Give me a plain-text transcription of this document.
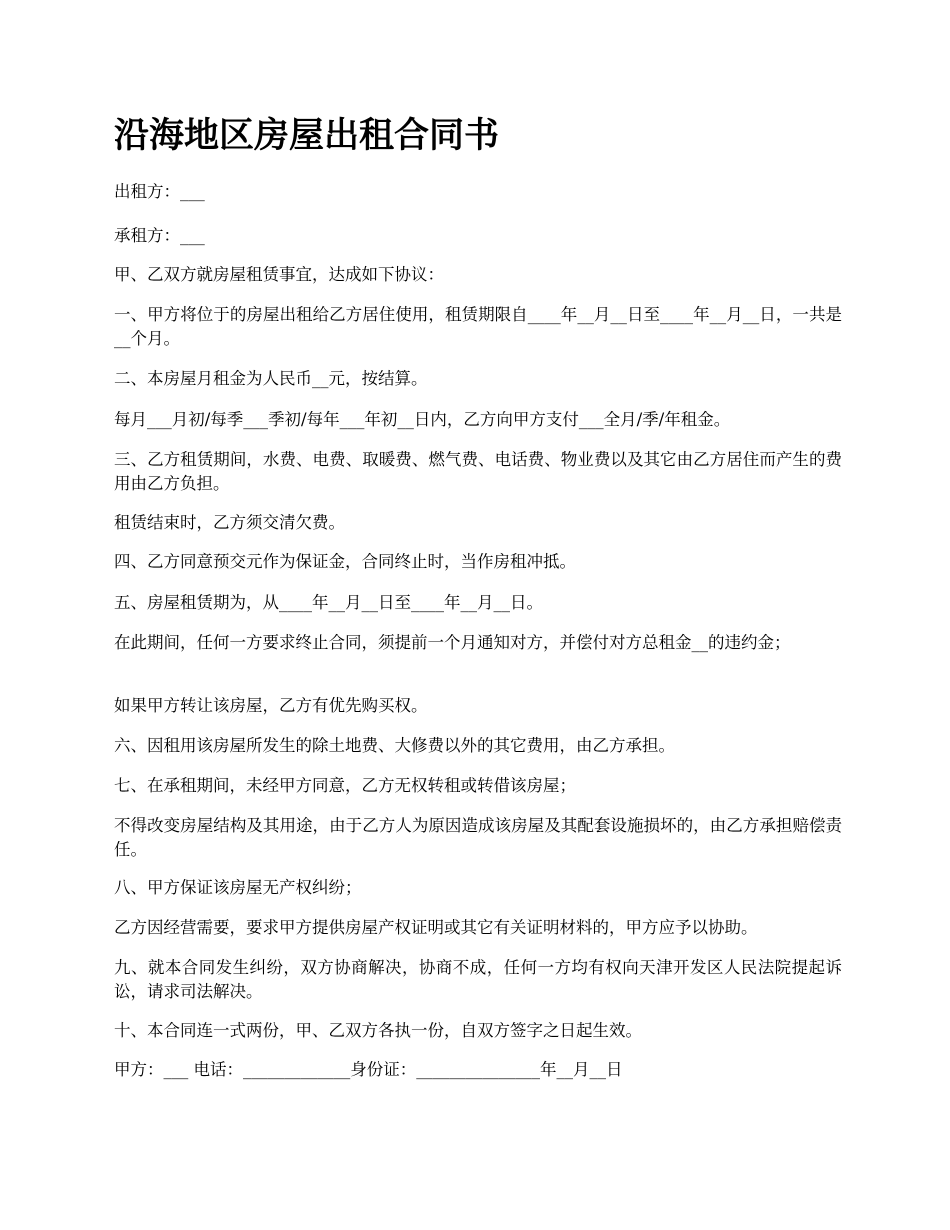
沿海地区房屋出租合同书

出租方：___

承租方：___

甲、乙双方就房屋租赁事宜，达成如下协议：

一、甲方将位于的房屋出租给乙方居住使用，租赁期限自____年__月__日至____年__月__日，一共是__个月。

二、本房屋月租金为人民币__元，按结算。

每月___月初/每季___季初/每年___年初__日内，乙方向甲方支付___全月/季/年租金。

三、乙方租赁期间，水费、电费、取暖费、燃气费、电话费、物业费以及其它由乙方居住而产生的费用由乙方负担。

租赁结束时，乙方须交清欠费。

四、乙方同意预交元作为保证金，合同终止时，当作房租冲抵。

五、房屋租赁期为，从____年__月__日至____年__月__日。

在此期间，任何一方要求终止合同，须提前一个月通知对方，并偿付对方总租金__的违约金；

如果甲方转让该房屋，乙方有优先购买权。

六、因租用该房屋所发生的除土地费、大修费以外的其它费用，由乙方承担。

七、在承租期间，未经甲方同意，乙方无权转租或转借该房屋；

不得改变房屋结构及其用途，由于乙方人为原因造成该房屋及其配套设施损坏的，由乙方承担赔偿责任。

八、甲方保证该房屋无产权纠纷；

乙方因经营需要，要求甲方提供房屋产权证明或其它有关证明材料的，甲方应予以协助。

九、就本合同发生纠纷，双方协商解决，协商不成，任何一方均有权向天津开发区人民法院提起诉讼，请求司法解决。

十、本合同连一式两份，甲、乙双方各执一份，自双方签字之日起生效。

甲方：___ 电话：_____________身份证：_______________年__月__日
